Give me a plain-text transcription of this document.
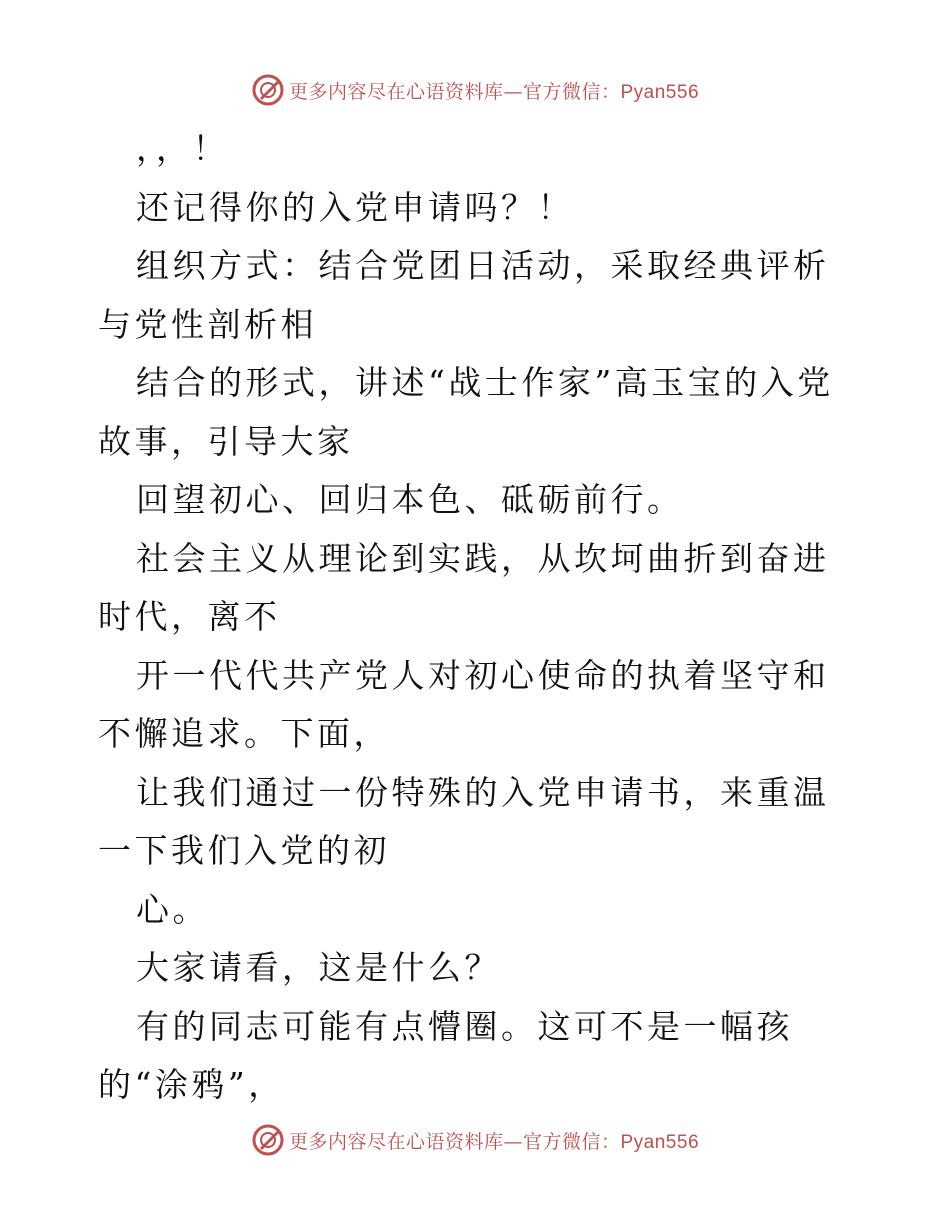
更多内容尽在心语资料库—官方微信：Pyan556

，，！

还记得你的入党申请吗？！

组织方式：结合党团日活动，采取经典评析与党性剖析相

结合的形式，讲述“战士作家”高玉宝的入党故事，引导大家

回望初心、回归本色、砥砺前行。

社会主义从理论到实践，从坎坷曲折到奋进时代，离不

开一代代共产党人对初心使命的执着坚守和不懈追求。下面，

让我们通过一份特殊的入党申请书，来重温一下我们入党的初

心。

大家请看，这是什么？

有的同志可能有点懵圈。这可不是一幅孩的“涂鸦”，

更多内容尽在心语资料库—官方微信：Pyan556
